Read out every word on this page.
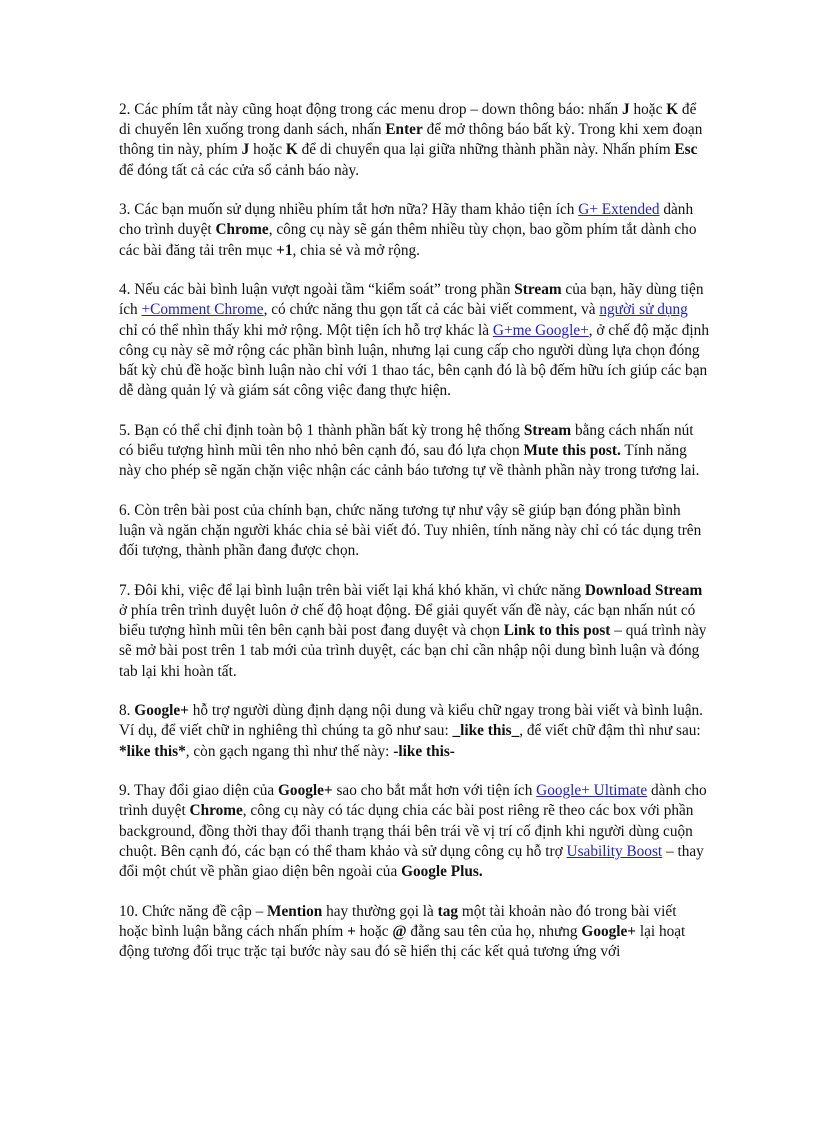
2. Các phím tắt này cũng hoạt động trong các menu drop – down thông báo: nhấn J hoặc K để di chuyển lên xuống trong danh sách, nhấn Enter để mở thông báo bất kỳ. Trong khi xem đoạn thông tin này, phím J hoặc K để di chuyển qua lại giữa những thành phần này. Nhấn phím Esc để đóng tất cả các cửa sổ cảnh báo này.

3. Các bạn muốn sử dụng nhiều phím tắt hơn nữa? Hãy tham khảo tiện ích G+ Extended dành cho trình duyệt Chrome, công cụ này sẽ gán thêm nhiều tùy chọn, bao gồm phím tắt dành cho các bài đăng tải trên mục +1, chia sẻ và mở rộng.

4. Nếu các bài bình luận vượt ngoài tầm “kiểm soát” trong phần Stream của bạn, hãy dùng tiện ích +Comment Chrome, có chức năng thu gọn tất cả các bài viết comment, và người sử dụng chỉ có thể nhìn thấy khi mở rộng. Một tiện ích hỗ trợ khác là G+me Google+, ở chế độ mặc định công cụ này sẽ mở rộng các phần bình luận, nhưng lại cung cấp cho người dùng lựa chọn đóng bất kỳ chủ đề hoặc bình luận nào chỉ với 1 thao tác, bên cạnh đó là bộ đếm hữu ích giúp các bạn dễ dàng quản lý và giám sát công việc đang thực hiện.

5. Bạn có thể chỉ định toàn bộ 1 thành phần bất kỳ trong hệ thống Stream bằng cách nhấn nút có biểu tượng hình mũi tên nho nhỏ bên cạnh đó, sau đó lựa chọn Mute this post. Tính năng này cho phép sẽ ngăn chặn việc nhận các cảnh báo tương tự về thành phần này trong tương lai.

6. Còn trên bài post của chính bạn, chức năng tương tự như vậy sẽ giúp bạn đóng phần bình luận và ngăn chặn người khác chia sẻ bài viết đó. Tuy nhiên, tính năng này chỉ có tác dụng trên đối tượng, thành phần đang được chọn.

7. Đôi khi, việc để lại bình luận trên bài viết lại khá khó khăn, vì chức năng Download Stream ở phía trên trình duyệt luôn ở chế độ hoạt động. Để giải quyết vấn đề này, các bạn nhấn nút có biểu tượng hình mũi tên bên cạnh bài post đang duyệt và chọn Link to this post – quá trình này sẽ mở bài post trên 1 tab mới của trình duyệt, các bạn chỉ cần nhập nội dung bình luận và đóng tab lại khi hoàn tất.

8. Google+ hỗ trợ người dùng định dạng nội dung và kiểu chữ ngay trong bài viết và bình luận. Ví dụ, để viết chữ in nghiêng thì chúng ta gõ như sau: _like this_, để viết chữ đậm thì như sau: *like this*, còn gạch ngang thì như thế này: -like this-

9. Thay đổi giao diện của Google+ sao cho bắt mắt hơn với tiện ích Google+ Ultimate dành cho trình duyệt Chrome, công cụ này có tác dụng chia các bài post riêng rẽ theo các box với phần background, đồng thời thay đổi thanh trạng thái bên trái về vị trí cố định khi người dùng cuộn chuột. Bên cạnh đó, các bạn có thể tham khảo và sử dụng công cụ hỗ trợ Usability Boost – thay đổi một chút về phần giao diện bên ngoài của Google Plus.

10. Chức năng đề cập – Mention hay thường gọi là tag một tài khoản nào đó trong bài viết hoặc bình luận bằng cách nhấn phím + hoặc @ đằng sau tên của họ, nhưng Google+ lại hoạt động tương đối trục trặc tại bước này sau đó sẽ hiển thị các kết quả tương ứng với
